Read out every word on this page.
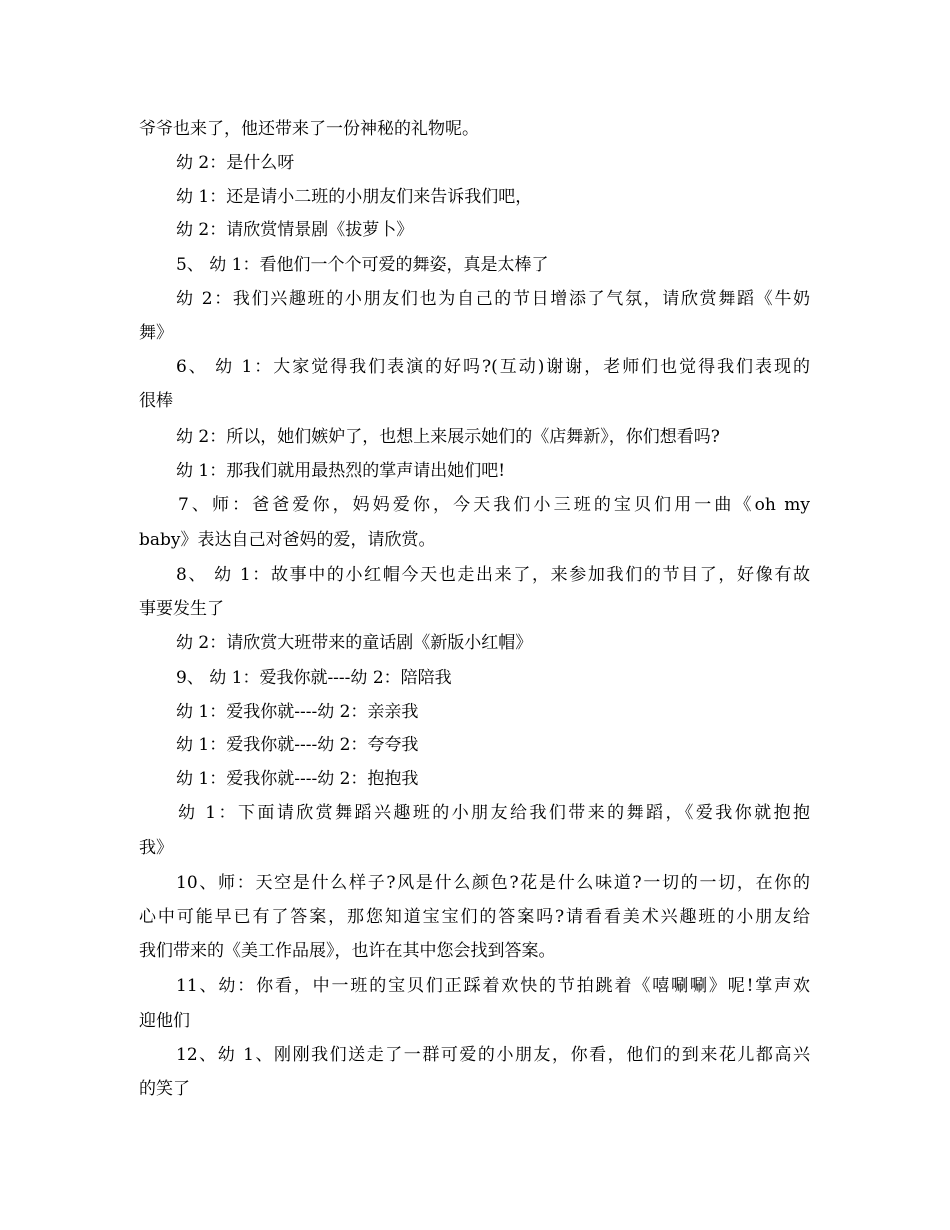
爷爷也来了，他还带来了一份神秘的礼物呢。
幼 2：是什么呀
幼 1：还是请小二班的小朋友们来告诉我们吧，
幼 2：请欣赏情景剧《拔萝卜》
5、 幼 1：看他们一个个可爱的舞姿，真是太棒了
幼 2：我们兴趣班的小朋友们也为自己的节日增添了气氛，请欣赏舞蹈《牛奶
舞》
6、 幼 1：大家觉得我们表演的好吗?(互动)谢谢，老师们也觉得我们表现的
很棒
幼 2：所以，她们嫉妒了，也想上来展示她们的《店舞新》，你们想看吗?
幼 1：那我们就用最热烈的掌声请出她们吧!
7、师：爸爸爱你，妈妈爱你，今天我们小三班的宝贝们用一曲《oh my
baby》表达自己对爸妈的爱，请欣赏。
8、 幼 1：故事中的小红帽今天也走出来了，来参加我们的节目了，好像有故
事要发生了
幼 2：请欣赏大班带来的童话剧《新版小红帽》
9、 幼 1：爱我你就----幼 2：陪陪我
幼 1：爱我你就----幼 2：亲亲我
幼 1：爱我你就----幼 2：夸夸我
幼 1：爱我你就----幼 2：抱抱我
幼 1：下面请欣赏舞蹈兴趣班的小朋友给我们带来的舞蹈，《爱我你就抱抱
我》
10、师：天空是什么样子?风是什么颜色?花是什么味道?一切的一切，在你的
心中可能早已有了答案，那您知道宝宝们的答案吗?请看看美术兴趣班的小朋友给
我们带来的《美工作品展》，也许在其中您会找到答案。
11、幼：你看，中一班的宝贝们正踩着欢快的节拍跳着《嘻唰唰》呢!掌声欢
迎他们
12、幼 1、刚刚我们送走了一群可爱的小朋友，你看，他们的到来花儿都高兴
的笑了
